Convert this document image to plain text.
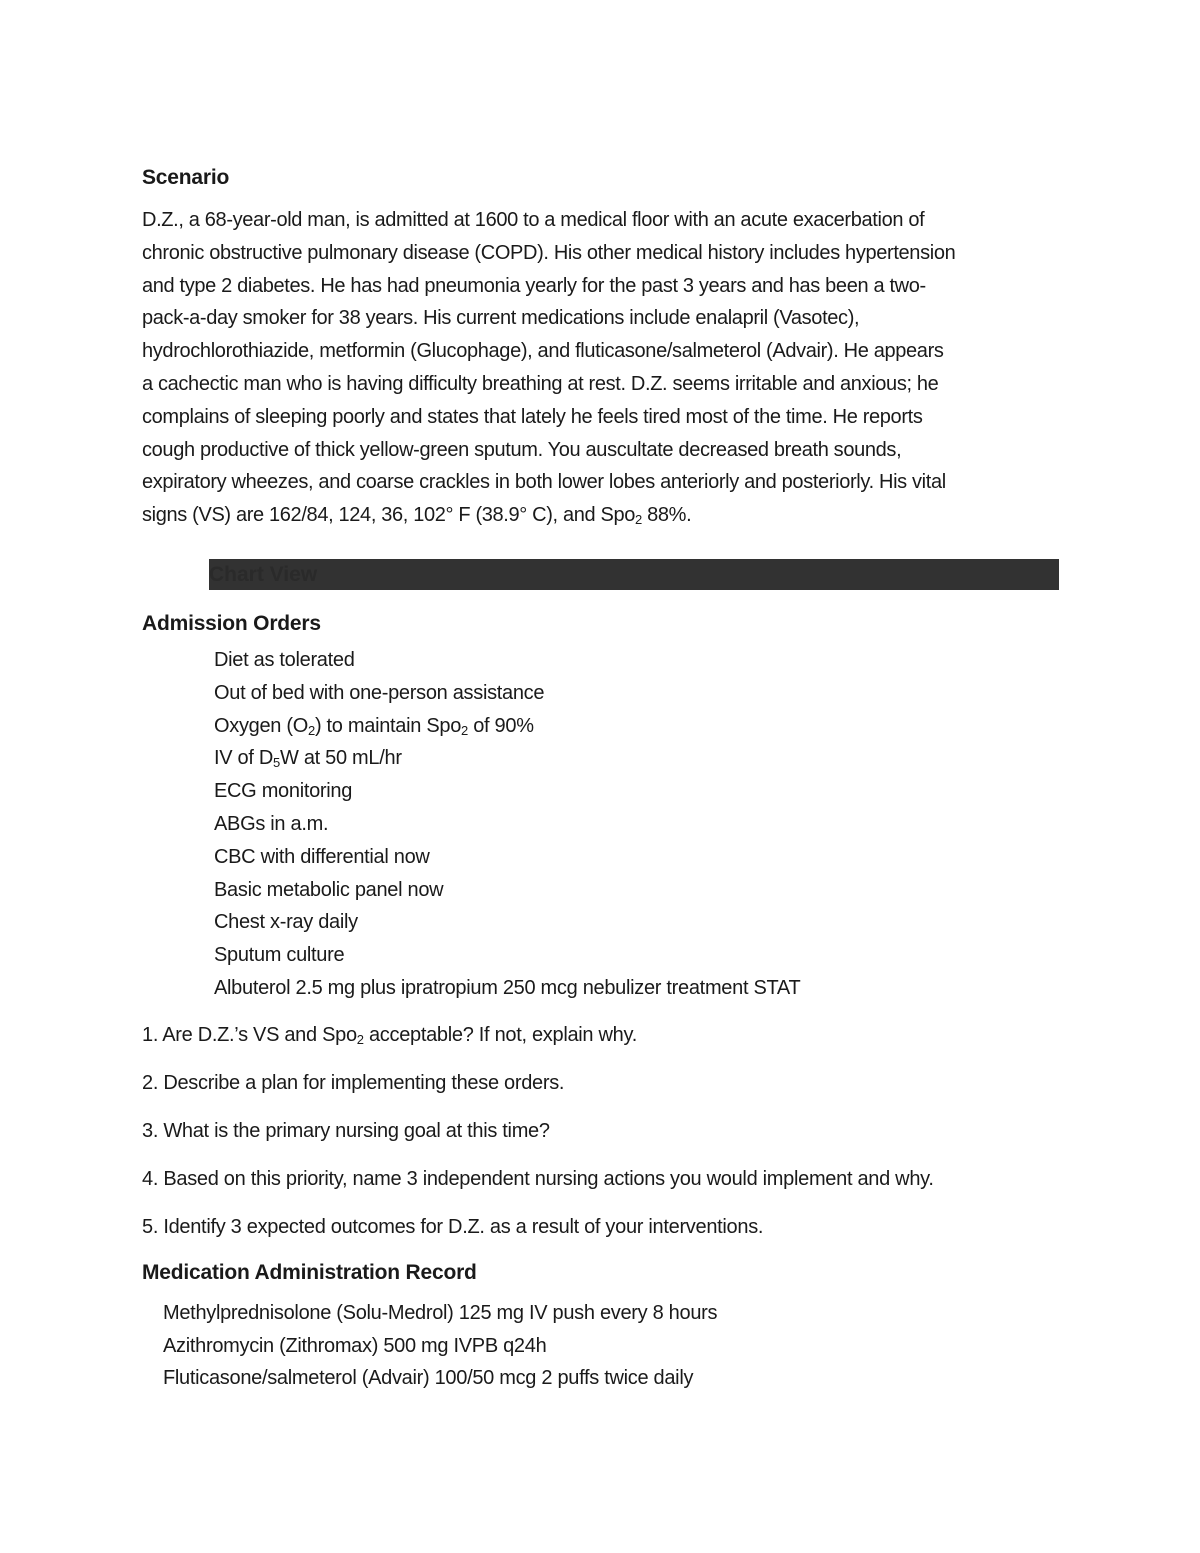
Scenario

D.Z., a 68-year-old man, is admitted at 1600 to a medical floor with an acute exacerbation of
chronic obstructive pulmonary disease (COPD). His other medical history includes hypertension
and type 2 diabetes. He has had pneumonia yearly for the past 3 years and has been a two-
pack-a-day smoker for 38 years. His current medications include enalapril (Vasotec),
hydrochlorothiazide, metformin (Glucophage), and fluticasone/salmeterol (Advair). He appears
a cachectic man who is having difficulty breathing at rest. D.Z. seems irritable and anxious; he
complains of sleeping poorly and states that lately he feels tired most of the time. He reports
cough productive of thick yellow-green sputum. You auscultate decreased breath sounds,
expiratory wheezes, and coarse crackles in both lower lobes anteriorly and posteriorly. His vital
signs (VS) are 162/84, 124, 36, 102° F (38.9° C), and Spo$_2$ 88%.

Chart View
Admission Orders
Diet as tolerated
Out of bed with one-person assistance
Oxygen $(O_2)$ to maintain Spo$_2$ of 90%
IV of $D_5W$ at 50 mL/hr
ECG monitoring
ABGs in a.m.
CBC with differential now
Basic metabolic panel now
Chest x-ray daily
Sputum culture
Albuterol 2.5 mg plus ipratropium 250 mcg nebulizer treatment STAT
1. Are D.Z.’s VS and Spo$_2$ acceptable? If not, explain why.
2. Describe a plan for implementing these orders.
3. What is the primary nursing goal at this time?
4. Based on this priority, name 3 independent nursing actions you would implement and why.
5. Identify 3 expected outcomes for D.Z. as a result of your interventions.
Medication Administration Record
Methylprednisolone (Solu-Medrol) 125 mg IV push every 8 hours
Azithromycin (Zithromax) 500 mg IVPB q24h
Fluticasone/salmeterol (Advair) 100/50 mcg 2 puffs twice daily
